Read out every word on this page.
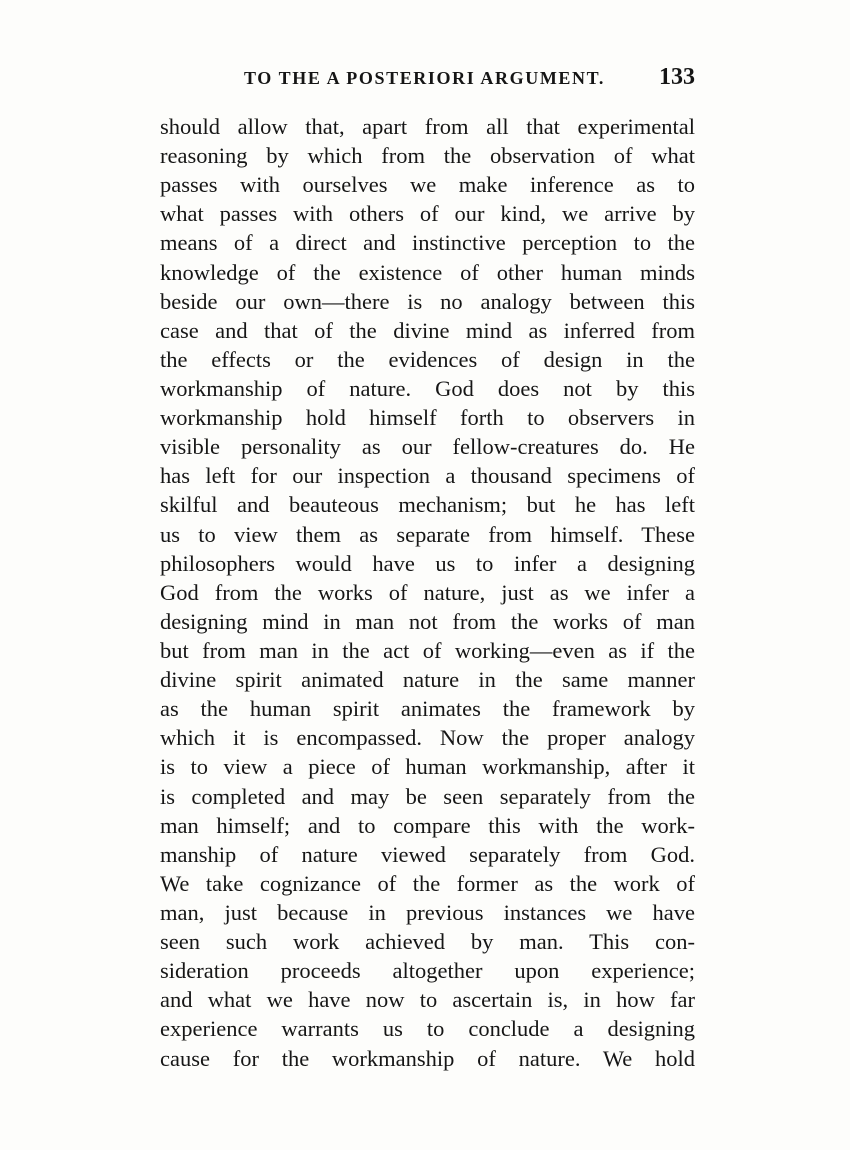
TO THE A POSTERIORI ARGUMENT. 133
should allow that, apart from all that experimental
reasoning by which from the observation of what
passes with ourselves we make inference as to
what passes with others of our kind, we arrive by
means of a direct and instinctive perception to the
knowledge of the existence of other human minds
beside our own—there is no analogy between this
case and that of the divine mind as inferred from
the effects or the evidences of design in the
workmanship of nature. God does not by this
workmanship hold himself forth to observers in
visible personality as our fellow-creatures do. He
has left for our inspection a thousand specimens of
skilful and beauteous mechanism; but he has left
us to view them as separate from himself. These
philosophers would have us to infer a designing
God from the works of nature, just as we infer a
designing mind in man not from the works of man
but from man in the act of working—even as if the
divine spirit animated nature in the same manner
as the human spirit animates the framework by
which it is encompassed. Now the proper analogy
is to view a piece of human workmanship, after it
is completed and may be seen separately from the
man himself; and to compare this with the work-
manship of nature viewed separately from God.
We take cognizance of the former as the work of
man, just because in previous instances we have
seen such work achieved by man. This con-
sideration proceeds altogether upon experience;
and what we have now to ascertain is, in how far
experience warrants us to conclude a designing
cause for the workmanship of nature. We hold
